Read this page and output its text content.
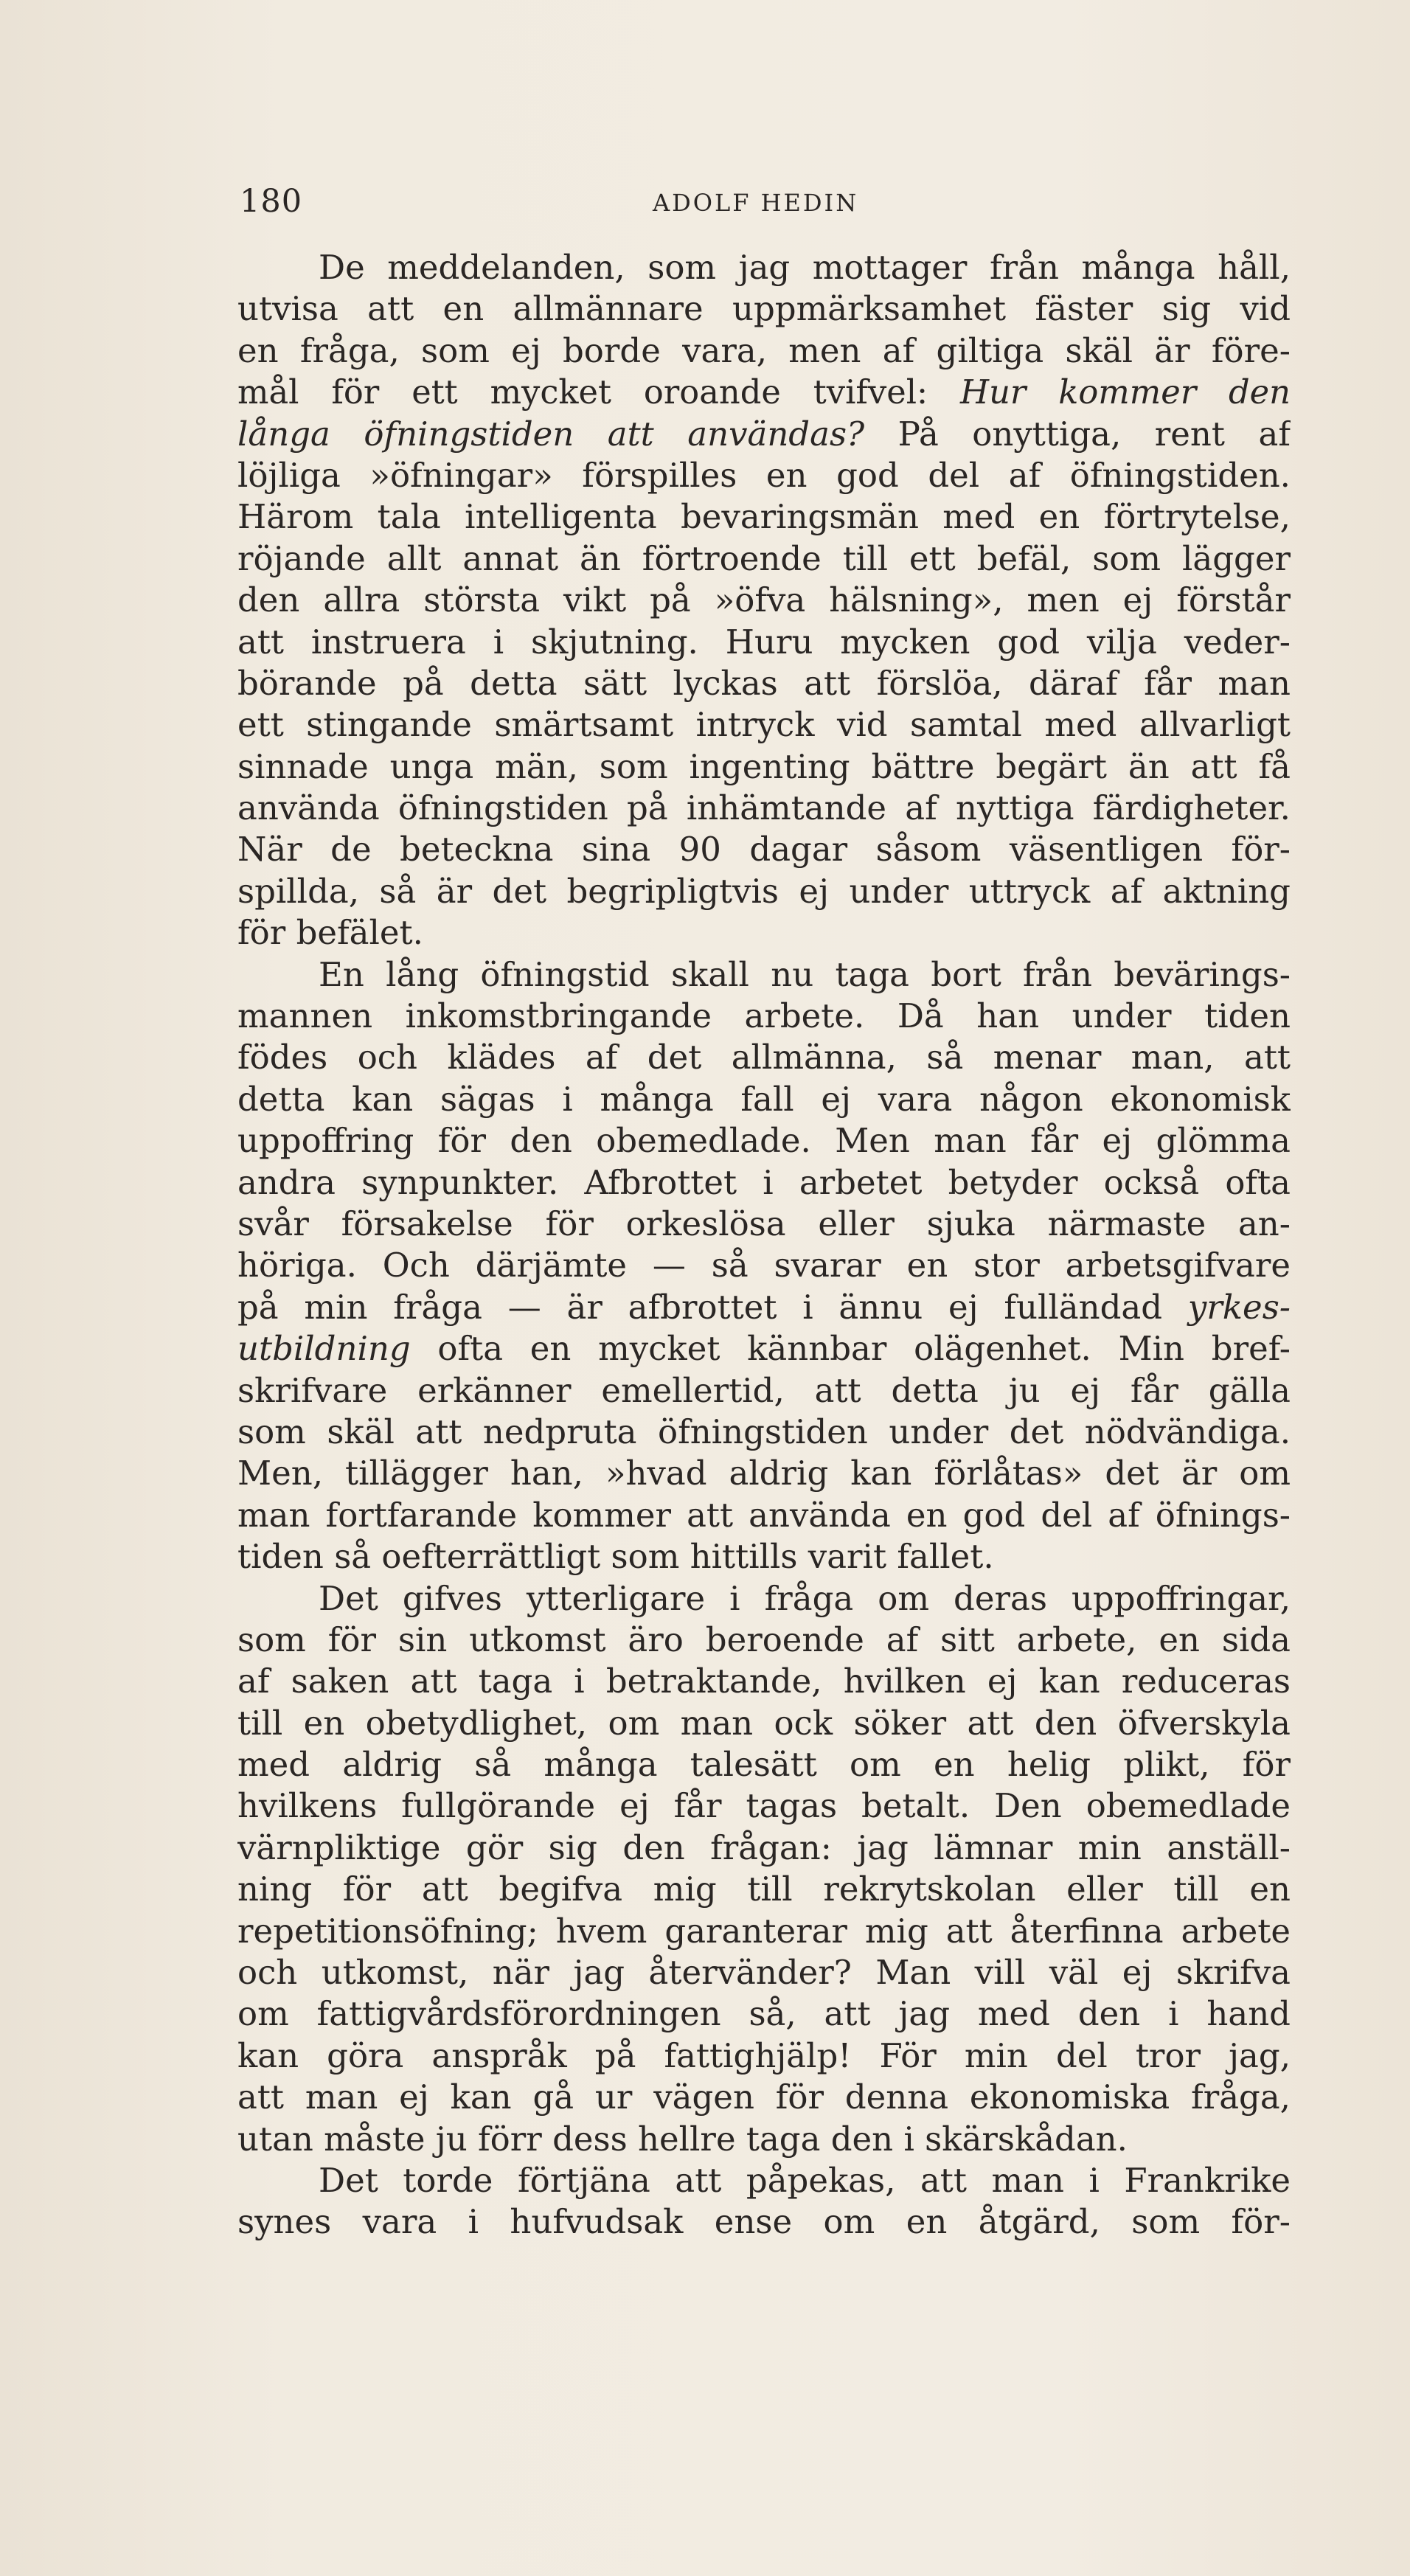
180	ADOLF HEDIN
De meddelanden, som jag mottager från många håll,
utvisa att en allmännare uppmärksamhet fäster sig vid
en fråga, som ej borde vara, men af giltiga skäl är före-
mål för ett mycket oroande tvifvel: Hur kommer den
långa öfningstiden att användas? På onyttiga, rent af
löjliga »öfningar» förspilles en god del af öfningstiden.
Härom tala intelligenta bevaringsmän med en förtrytelse,
röjande allt annat än förtroende till ett befäl, som lägger
den allra största vikt på »öfva hälsning», men ej förstår
att instruera i skjutning. Huru mycken god vilja veder-
börande på detta sätt lyckas att förslöa, däraf får man
ett stingande smärtsamt intryck vid samtal med allvarligt
sinnade unga män, som ingenting bättre begärt än att få
använda öfningstiden på inhämtande af nyttiga färdigheter.
När de beteckna sina 90 dagar såsom väsentligen för-
spillda, så är det begripligtvis ej under uttryck af aktning
för befälet.
En lång öfningstid skall nu taga bort från bevärings-
mannen inkomstbringande arbete. Då han under tiden
födes och klädes af det allmänna, så menar man, att
detta kan sägas i många fall ej vara någon ekonomisk
uppoffring för den obemedlade. Men man får ej glömma
andra synpunkter. Afbrottet i arbetet betyder också ofta
svår försakelse för orkeslösa eller sjuka närmaste an-
höriga. Och därjämte — så svarar en stor arbetsgifvare
på min fråga — är afbrottet i ännu ej fulländad yrkes-
utbildning ofta en mycket kännbar olägenhet. Min bref-
skrifvare erkänner emellertid, att detta ju ej får gälla
som skäl att nedpruta öfningstiden under det nödvändiga.
Men, tillägger han, »hvad aldrig kan förlåtas» det är om
man fortfarande kommer att använda en god del af öfnings-
tiden så oefterrättligt som hittills varit fallet.
Det gifves ytterligare i fråga om deras uppoffringar,
som för sin utkomst äro beroende af sitt arbete, en sida
af saken att taga i betraktande, hvilken ej kan reduceras
till en obetydlighet, om man ock söker att den öfverskyla
med aldrig så många talesätt om en helig plikt, för
hvilkens fullgörande ej får tagas betalt. Den obemedlade
värnpliktige gör sig den frågan: jag lämnar min anställ-
ning för att begifva mig till rekrytskolan eller till en
repetitionsöfning; hvem garanterar mig att återfinna arbete
och utkomst, när jag återvänder? Man vill väl ej skrifva
om fattigvårdsförordningen så, att jag med den i hand
kan göra anspråk på fattighjälp! För min del tror jag,
att man ej kan gå ur vägen för denna ekonomiska fråga,
utan måste ju förr dess hellre taga den i skärskådan.
Det torde förtjäna att påpekas, att man i Frankrike
synes vara i hufvudsak ense om en åtgärd, som för-
